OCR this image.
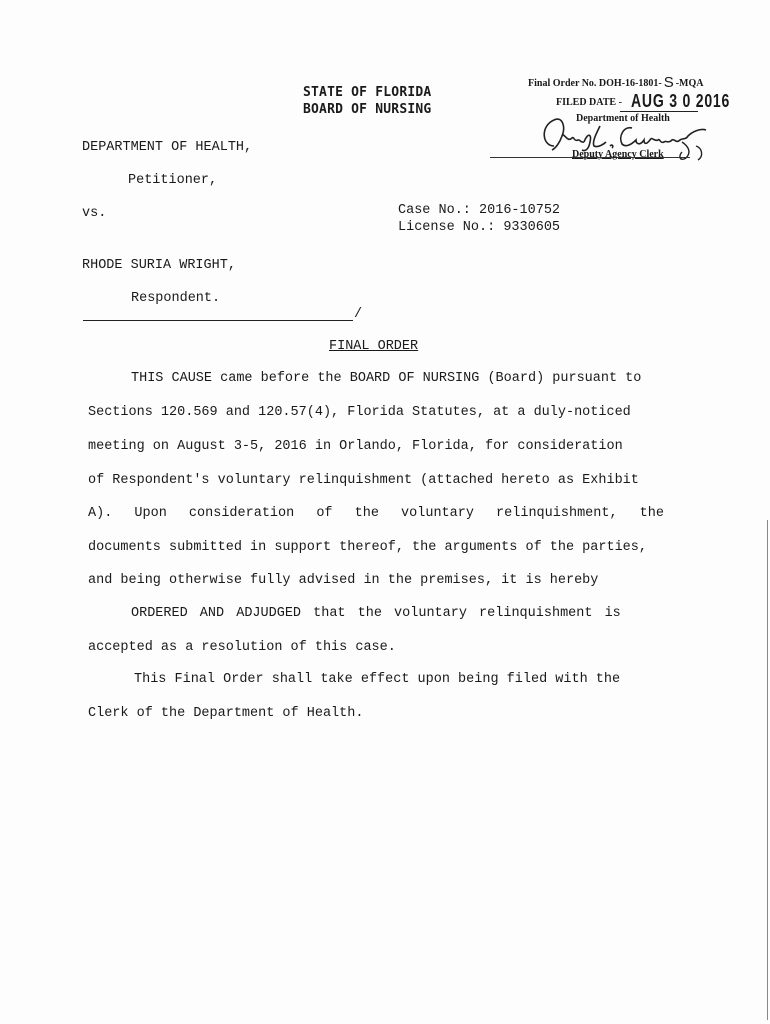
STATE OF FLORIDA
BOARD OF NURSING
Final Order No. DOH-16-1801- S -MQA
FILED DATE - AUG 3 0 2016
Department of Health
Deputy Agency Clerk
DEPARTMENT OF HEALTH,
Petitioner,
vs.	Case No.: 2016-10752
License No.: 9330605
RHODE SURIA WRIGHT,
Respondent.
/
FINAL ORDER
THIS CAUSE came before the BOARD OF NURSING (Board) pursuant to
Sections 120.569 and 120.57(4), Florida Statutes, at a duly-noticed
meeting on August 3-5, 2016 in Orlando, Florida, for consideration
of Respondent's voluntary relinquishment (attached hereto as Exhibit
A). Upon consideration of the voluntary relinquishment, the
documents submitted in support thereof, the arguments of the parties,
and being otherwise fully advised in the premises, it is hereby
ORDERED AND ADJUDGED that the voluntary relinquishment is
accepted as a resolution of this case.
This Final Order shall take effect upon being filed with the
Clerk of the Department of Health.
